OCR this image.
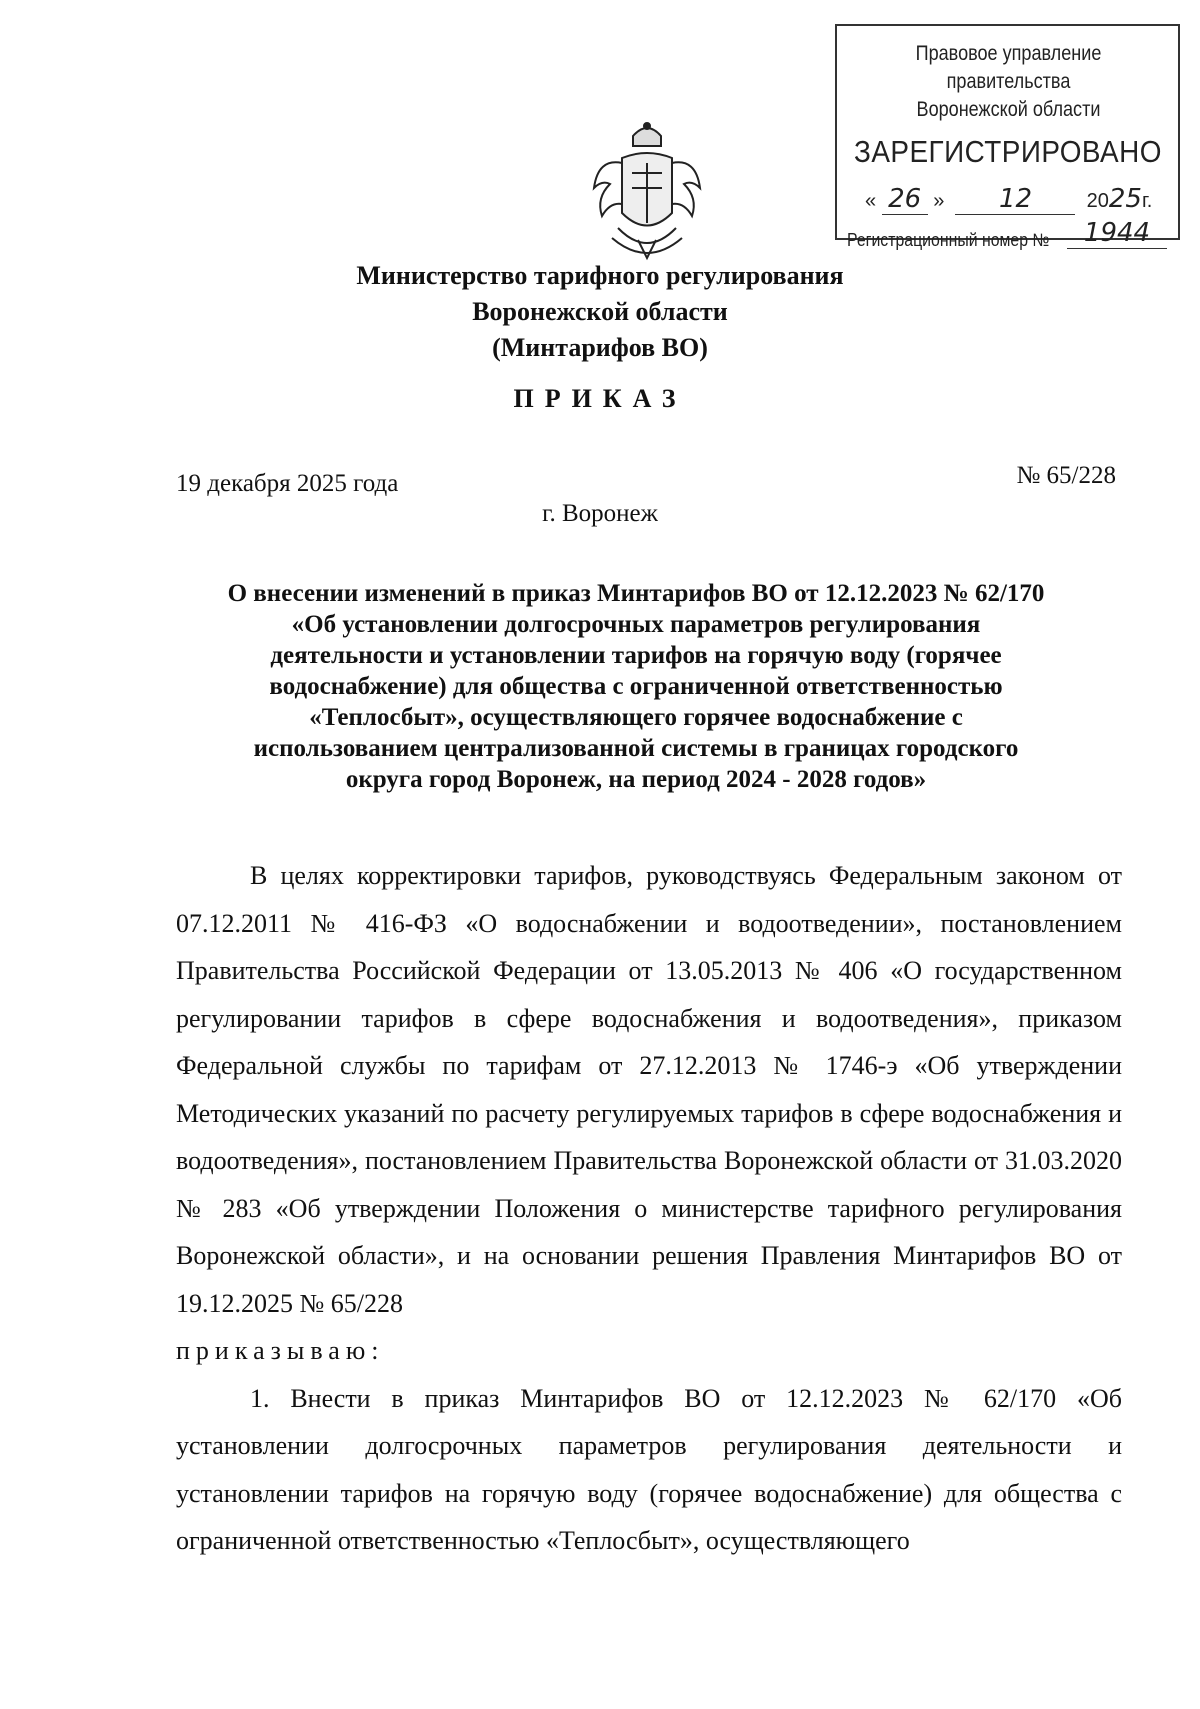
Правовое управление правительства
Воронежской области
ЗАРЕГИСТРИРОВАНО
« 26 »  12	2025г.
Регистрационный номер №	1944
Министерство тарифного регулирования
Воронежской области
(Минтарифов ВО)
ПРИКАЗ
19 декабря 2025 года	№ 65/228
г. Воронеж
О внесении изменений в приказ Минтарифов ВО от 12.12.2023 № 62/170
«Об установлении долгосрочных параметров регулирования
деятельности и установлении тарифов на горячую воду (горячее
водоснабжение) для общества с ограниченной ответственностью
«Теплосбыт», осуществляющего горячее водоснабжение с
использованием централизованной системы в границах городского
округа город Воронеж, на период 2024 - 2028 годов»

В целях корректировки тарифов, руководствуясь Федеральным законом от 07.12.2011 № 416-ФЗ «О водоснабжении и водоотведении», постановлением Правительства Российской Федерации от 13.05.2013 № 406 «О государственном регулировании тарифов в сфере водоснабжения и водоотведения», приказом Федеральной службы по тарифам от 27.12.2013 № 1746-э «Об утверждении Методических указаний по расчету регулируемых тарифов в сфере водоснабжения и водоотведения», постановлением Правительства Воронежской области от 31.03.2020 № 283 «Об утверждении Положения о министерстве тарифного регулирования Воронежской области», и на основании решения Правления Минтарифов ВО от 19.12.2025 № 65/228

приказываю:

1. Внести в приказ Минтарифов ВО от 12.12.2023 № 62/170 «Об установлении долгосрочных параметров регулирования деятельности и установлении тарифов на горячую воду (горячее водоснабжение) для общества с ограниченной ответственностью «Теплосбыт», осуществляющего
